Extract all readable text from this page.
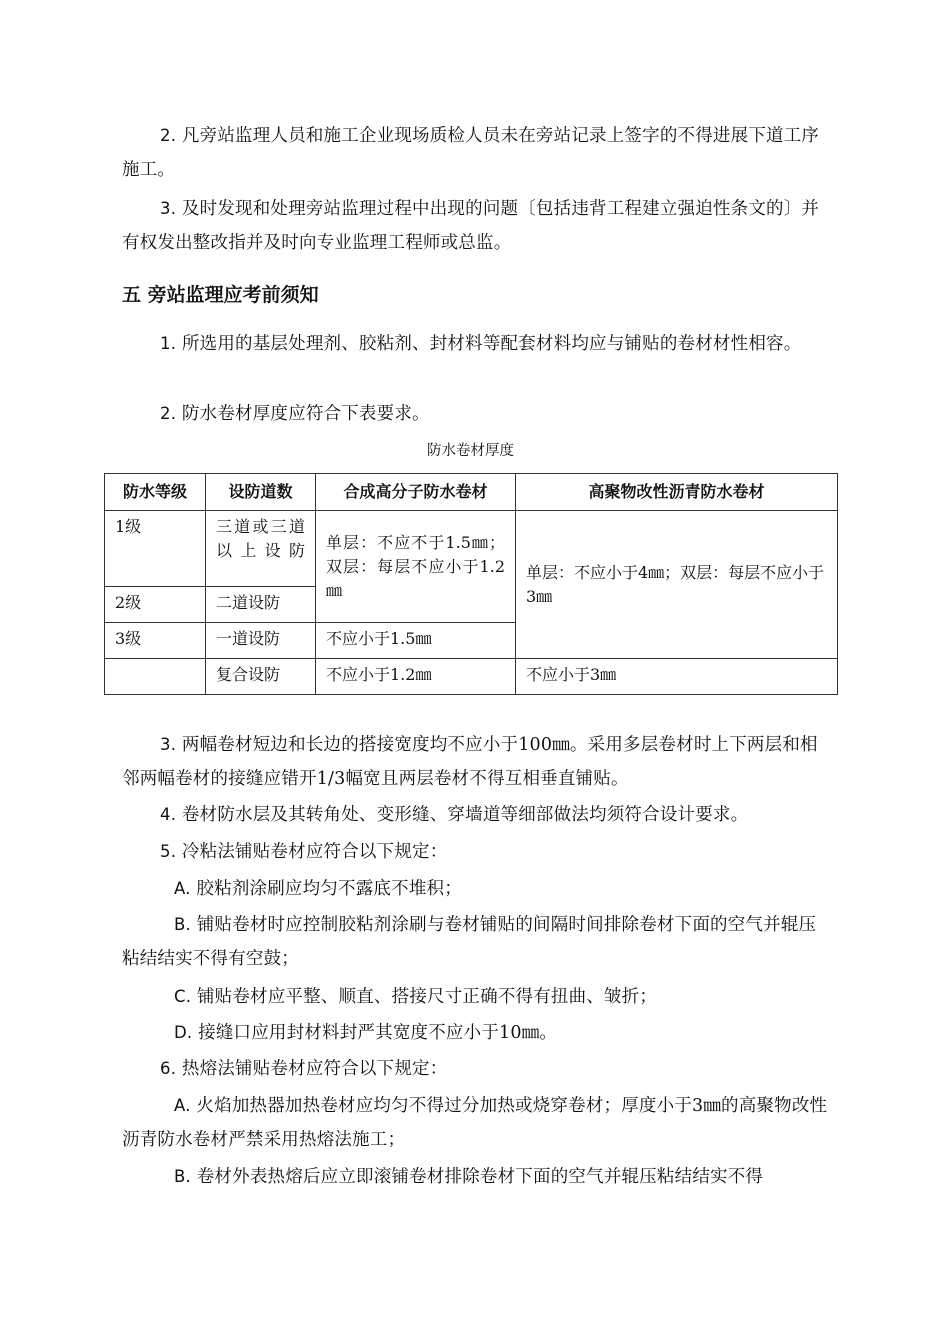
2. 凡旁站监理人员和施工企业现场质检人员未在旁站记录上签字的不得进展下道工序施工。

3. 及时发现和处理旁站监理过程中出现的问题〔包括违背工程建立强迫性条文的〕并有权发出整改指并及时向专业监理工程师或总监。

五 旁站监理应考前须知

1. 所选用的基层处理剂、胶粘剂、封材料等配套材料均应与铺贴的卷材材性相容。

2. 防水卷材厚度应符合下表要求。

防水卷材厚度

防水等级	设防道数	合成高分子防水卷材	高聚物改性沥青防水卷材
1级	三道或三道以上设防	单层：不应不于1.5㎜；双层：每层不应小于1.2㎜	单层：不应小于4㎜；双层：每层不应小于3㎜
2级	二道设防		
3级	一道设防	不应小于1.5㎜	
	复合设防	不应小于1.2㎜	不应小于3㎜

3. 两幅卷材短边和长边的搭接宽度均不应小于100㎜。采用多层卷材时上下两层和相邻两幅卷材的接缝应错开1/3幅宽且两层卷材不得互相垂直铺贴。

4. 卷材防水层及其转角处、变形缝、穿墙道等细部做法均须符合设计要求。

5. 冷粘法铺贴卷材应符合以下规定：

A. 胶粘剂涂刷应均匀不露底不堆积；

B. 铺贴卷材时应控制胶粘剂涂刷与卷材铺贴的间隔时间排除卷材下面的空气并辊压粘结结实不得有空鼓；

C. 铺贴卷材应平整、顺直、搭接尺寸正确不得有扭曲、皱折；

D. 接缝口应用封材料封严其宽度不应小于10㎜。

6. 热熔法铺贴卷材应符合以下规定：

A. 火焰加热器加热卷材应均匀不得过分加热或烧穿卷材；厚度小于3㎜的高聚物改性沥青防水卷材严禁采用热熔法施工；

B. 卷材外表热熔后应立即滚铺卷材排除卷材下面的空气并辊压粘结结实不得
